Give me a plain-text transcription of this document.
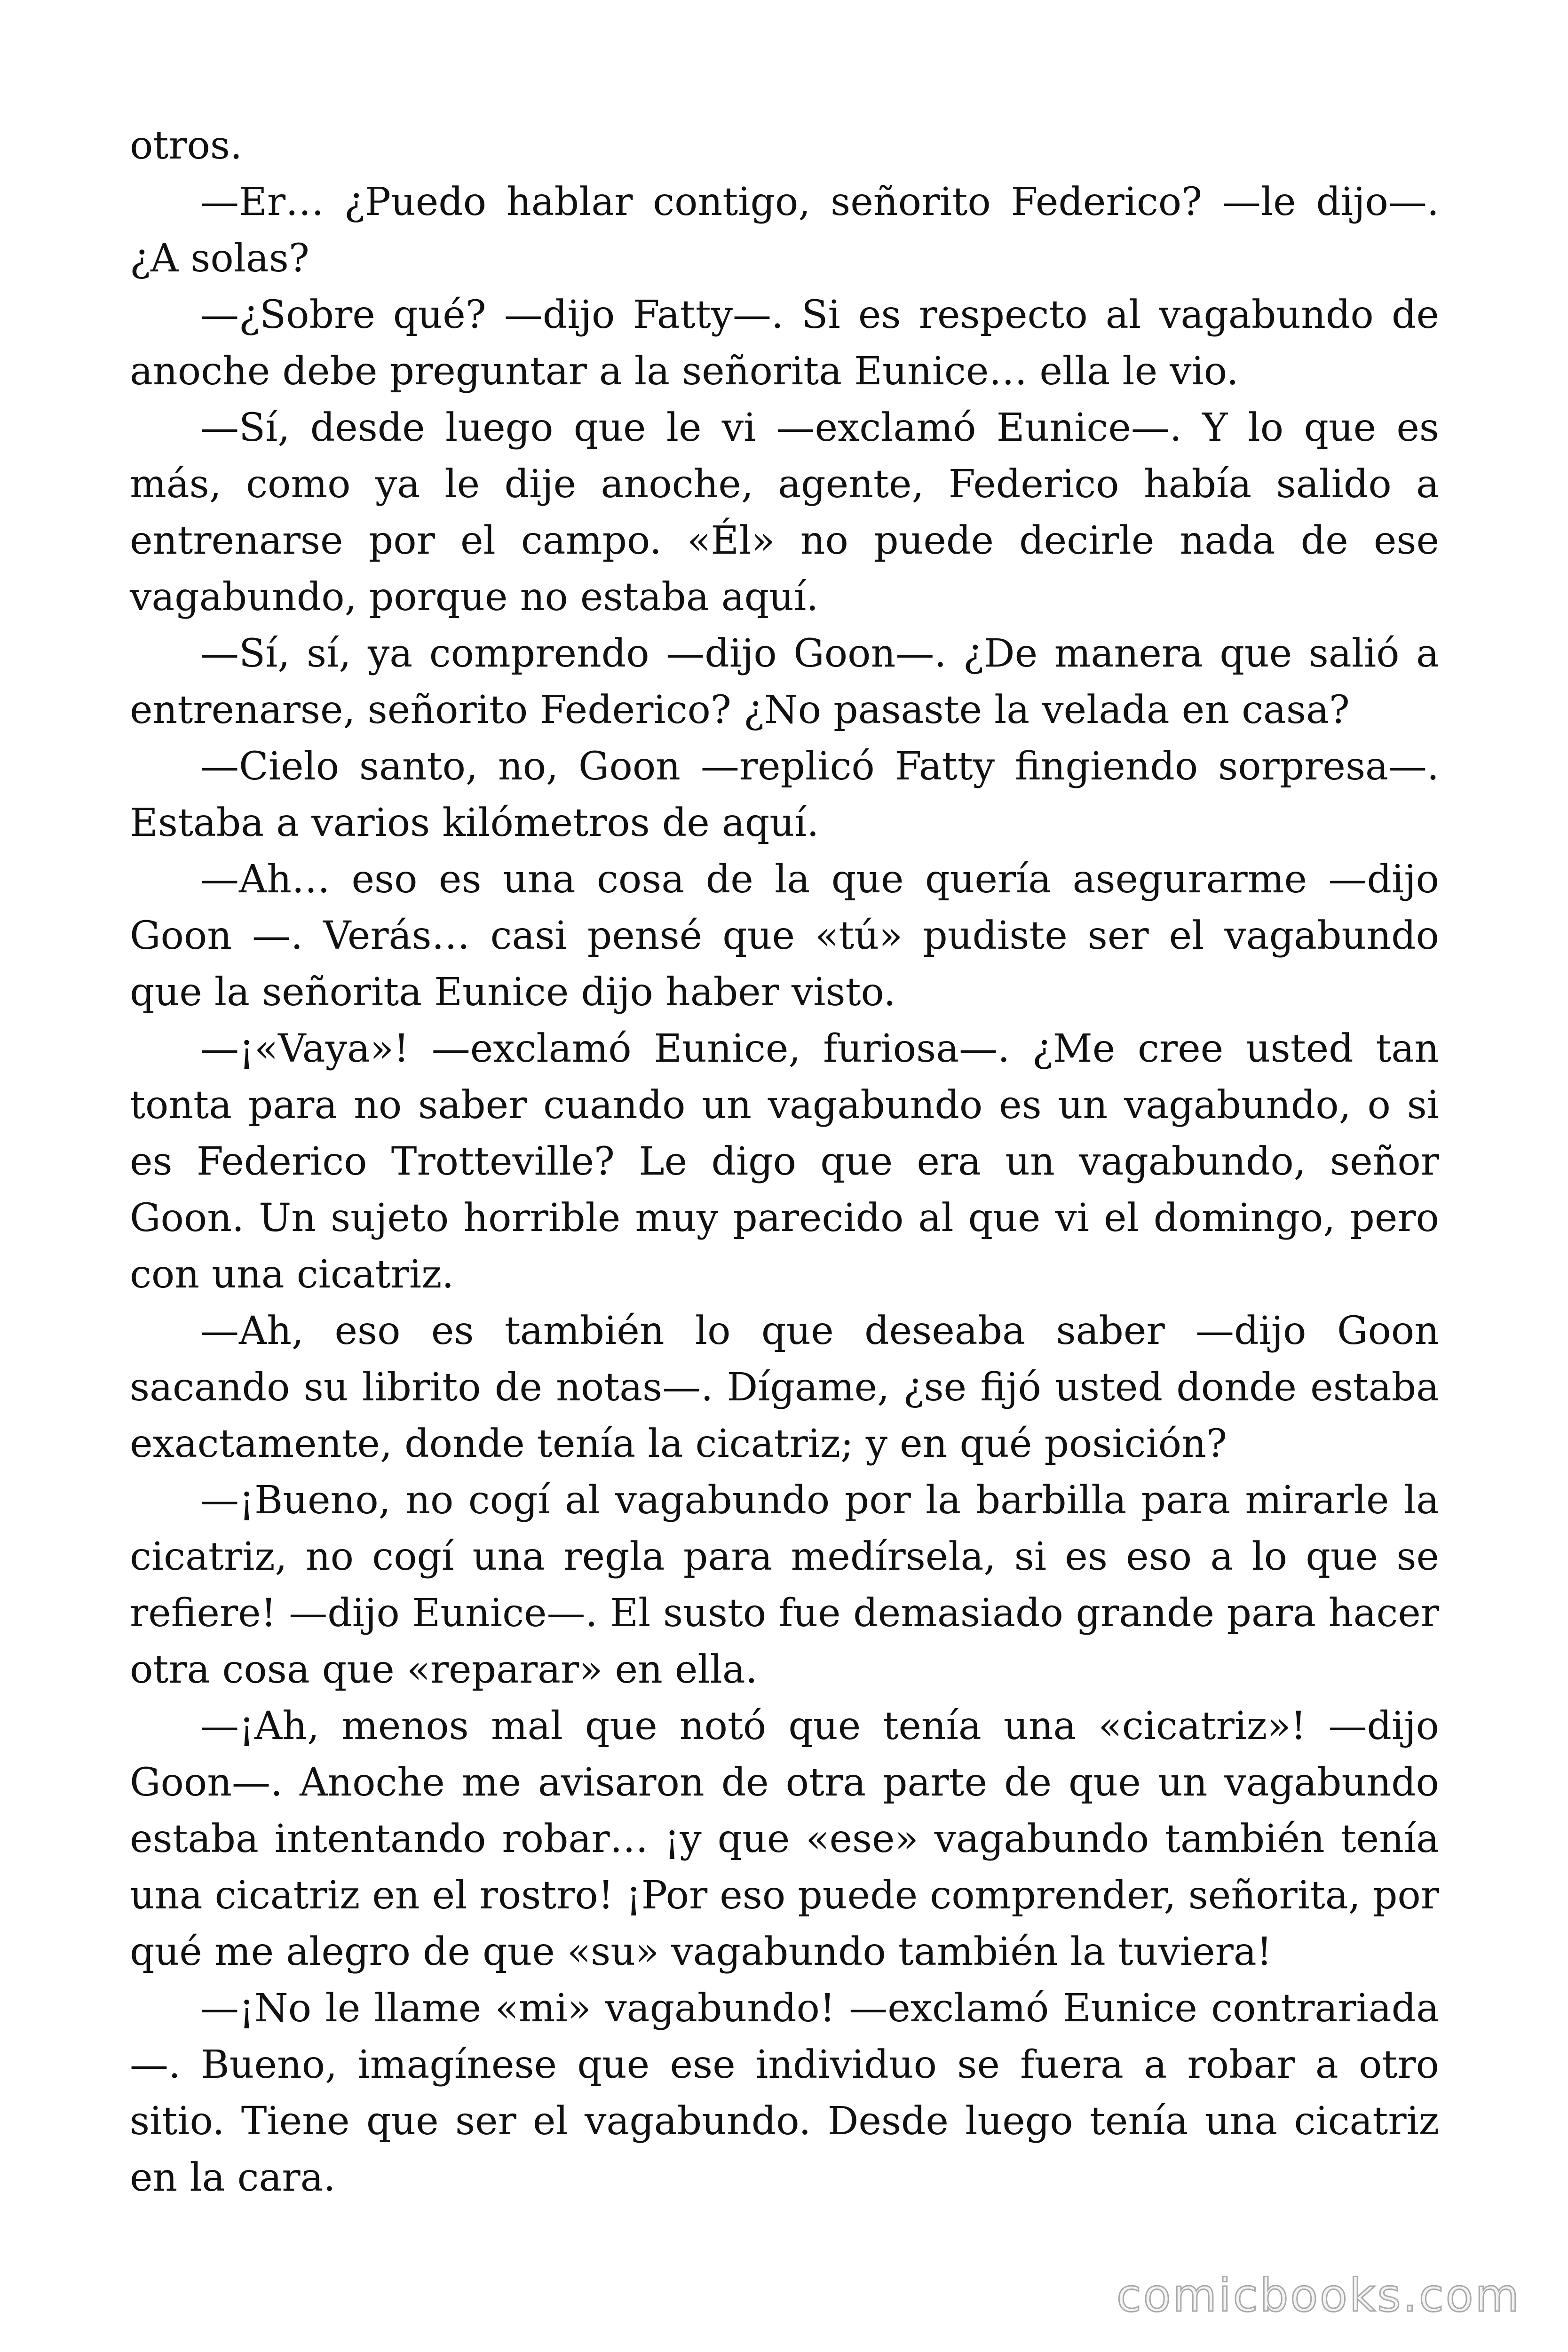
otros.

—Er… ¿Puedo hablar contigo, señorito Federico? —le dijo—. ¿A solas?

—¿Sobre qué? —dijo Fatty—. Si es respecto al vagabundo de anoche debe preguntar a la señorita Eunice… ella le vio.

—Sí, desde luego que le vi —exclamó Eunice—. Y lo que es más, como ya le dije anoche, agente, Federico había salido a entrenarse por el campo. «Él» no puede decirle nada de ese vagabundo, porque no estaba aquí.

—Sí, sí, ya comprendo —dijo Goon—. ¿De manera que salió a entrenarse, señorito Federico? ¿No pasaste la velada en casa?

—Cielo santo, no, Goon —replicó Fatty fingiendo sorpresa—. Estaba a varios kilómetros de aquí.

—Ah… eso es una cosa de la que quería asegurarme —dijo Goon —. Verás… casi pensé que «tú» pudiste ser el vagabundo que la señorita Eunice dijo haber visto.

—¡«Vaya»! —exclamó Eunice, furiosa—. ¿Me cree usted tan tonta para no saber cuando un vagabundo es un vagabundo, o si es Federico Trotteville? Le digo que era un vagabundo, señor Goon. Un sujeto horrible muy parecido al que vi el domingo, pero con una cicatriz.

—Ah, eso es también lo que deseaba saber —dijo Goon sacando su librito de notas—. Dígame, ¿se fijó usted donde estaba exactamente, donde tenía la cicatriz; y en qué posición?

—¡Bueno, no cogí al vagabundo por la barbilla para mirarle la cicatriz, no cogí una regla para medírsela, si es eso a lo que se refiere! —dijo Eunice—. El susto fue demasiado grande para hacer otra cosa que «reparar» en ella.

—¡Ah, menos mal que notó que tenía una «cicatriz»! —dijo Goon—. Anoche me avisaron de otra parte de que un vagabundo estaba intentando robar… ¡y que «ese» vagabundo también tenía una cicatriz en el rostro! ¡Por eso puede comprender, señorita, por qué me alegro de que «su» vagabundo también la tuviera!

—¡No le llame «mi» vagabundo! —exclamó Eunice contrariada —. Bueno, imagínese que ese individuo se fuera a robar a otro sitio. Tiene que ser el vagabundo. Desde luego tenía una cicatriz en la cara.

comicbooks.com
